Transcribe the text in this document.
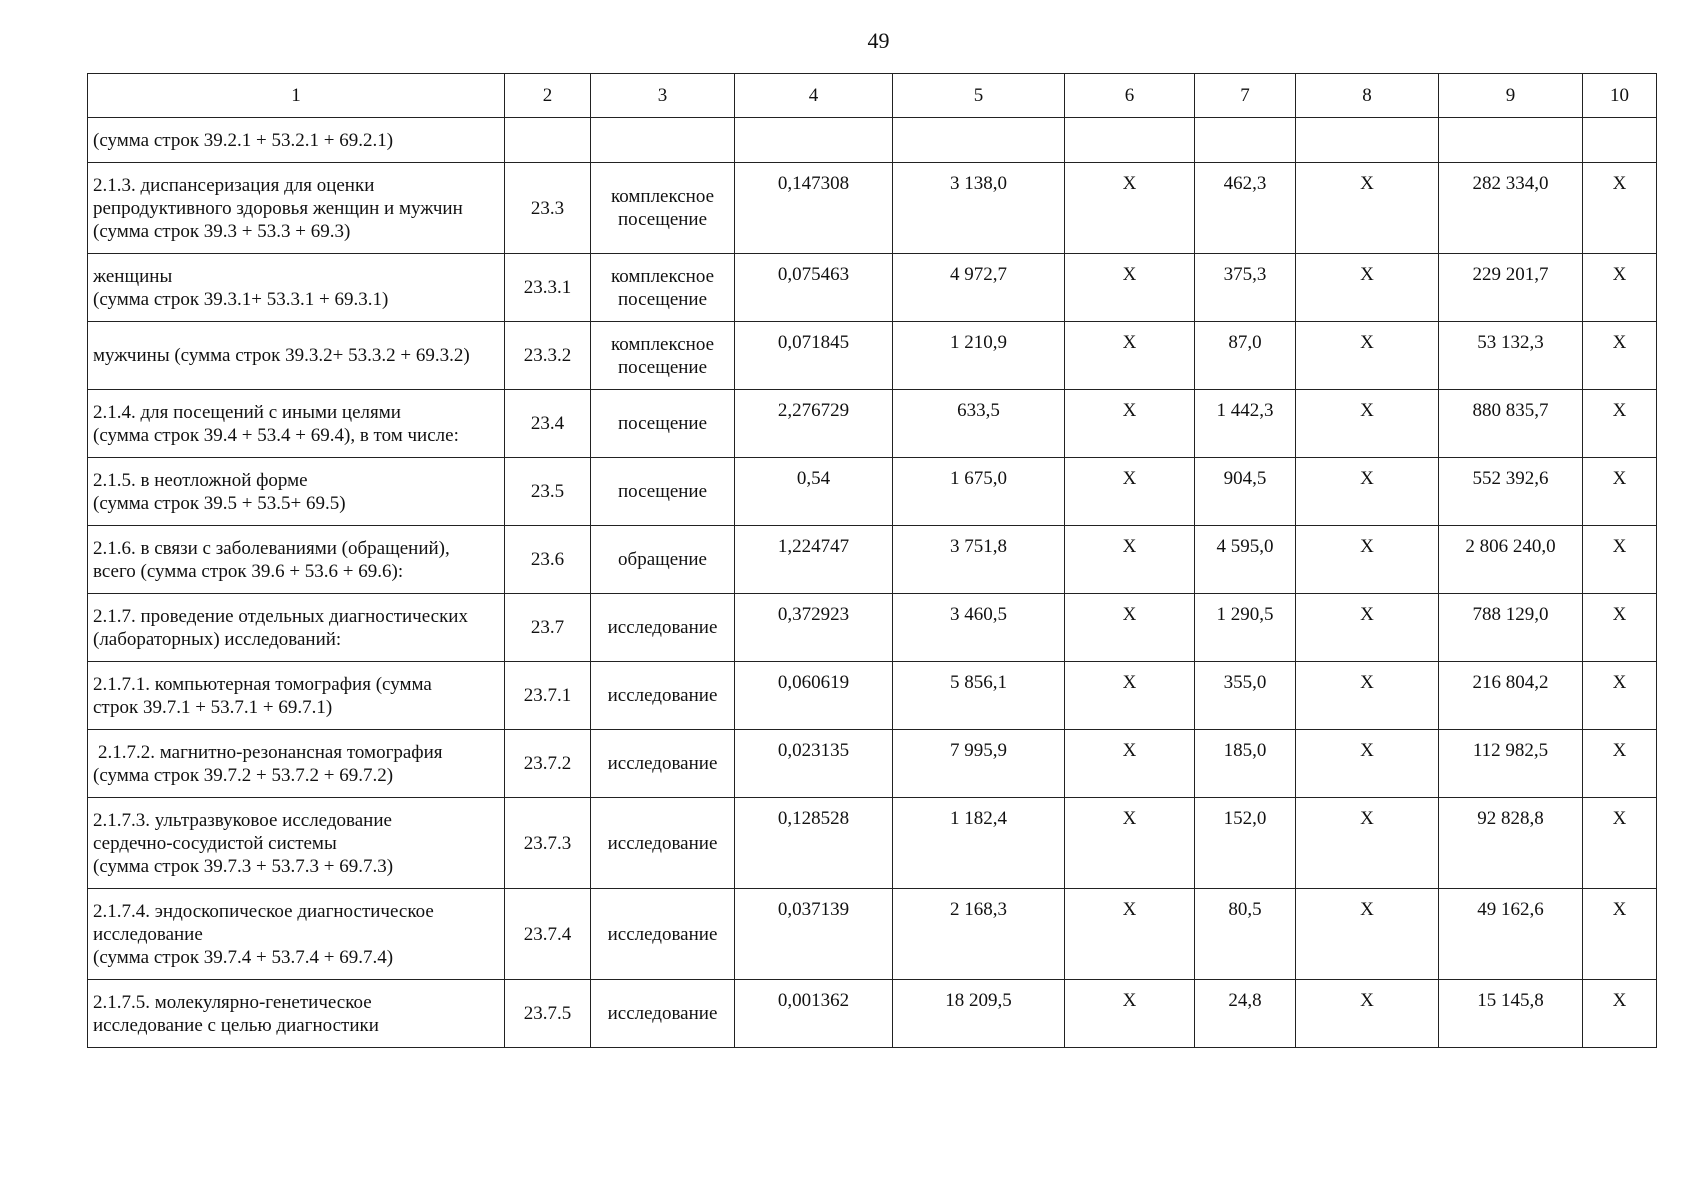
49
1	2	3	4	5	6	7	8	9	10

(сумма строк 39.2.1 + 53.2.1 + 69.2.1)									

2.1.3. диспансеризация для оценки
репродуктивного здоровья женщин и мужчин
(сумма строк 39.3 + 53.3 + 69.3)	23.3	комплексное
посещение	0,147308	3 138,0	Х	462,3	Х	282 334,0	Х

женщины
(сумма строк 39.3.1+ 53.3.1 + 69.3.1)	23.3.1	комплексное
посещение	0,075463	4 972,7	Х	375,3	Х	229 201,7	Х

мужчины (сумма строк 39.3.2+ 53.3.2 + 69.3.2)	23.3.2	комплексное
посещение	0,071845	1 210,9	Х	87,0	Х	53 132,3	Х

2.1.4. для посещений с иными целями
(сумма строк 39.4 + 53.4 + 69.4), в том числе:	23.4	посещение	2,276729	633,5	Х	1 442,3	Х	880 835,7	Х

2.1.5. в неотложной форме
(сумма строк 39.5 + 53.5+ 69.5)	23.5	посещение	0,54	1 675,0	Х	904,5	Х	552 392,6	Х

2.1.6. в связи с заболеваниями (обращений),
всего (сумма строк 39.6 + 53.6 + 69.6):	23.6	обращение	1,224747	3 751,8	Х	4 595,0	Х	2 806 240,0	Х

2.1.7. проведение отдельных диагностических
(лабораторных) исследований:	23.7	исследование	0,372923	3 460,5	Х	1 290,5	Х	788 129,0	Х

2.1.7.1. компьютерная томография (сумма
строк 39.7.1 + 53.7.1 + 69.7.1)	23.7.1	исследование	0,060619	5 856,1	Х	355,0	Х	216 804,2	Х

2.1.7.2. магнитно-резонансная томография
(сумма строк 39.7.2 + 53.7.2 + 69.7.2)	23.7.2	исследование	0,023135	7 995,9	Х	185,0	Х	112 982,5	Х

2.1.7.3. ультразвуковое исследование
сердечно-сосудистой системы
(сумма строк 39.7.3 + 53.7.3 + 69.7.3)	23.7.3	исследование	0,128528	1 182,4	Х	152,0	Х	92 828,8	Х

2.1.7.4. эндоскопическое диагностическое
исследование
(сумма строк 39.7.4 + 53.7.4 + 69.7.4)	23.7.4	исследование	0,037139	2 168,3	Х	80,5	Х	49 162,6	Х

2.1.7.5. молекулярно-генетическое
исследование с целью диагностики	23.7.5	исследование	0,001362	18 209,5	Х	24,8	Х	15 145,8	Х
